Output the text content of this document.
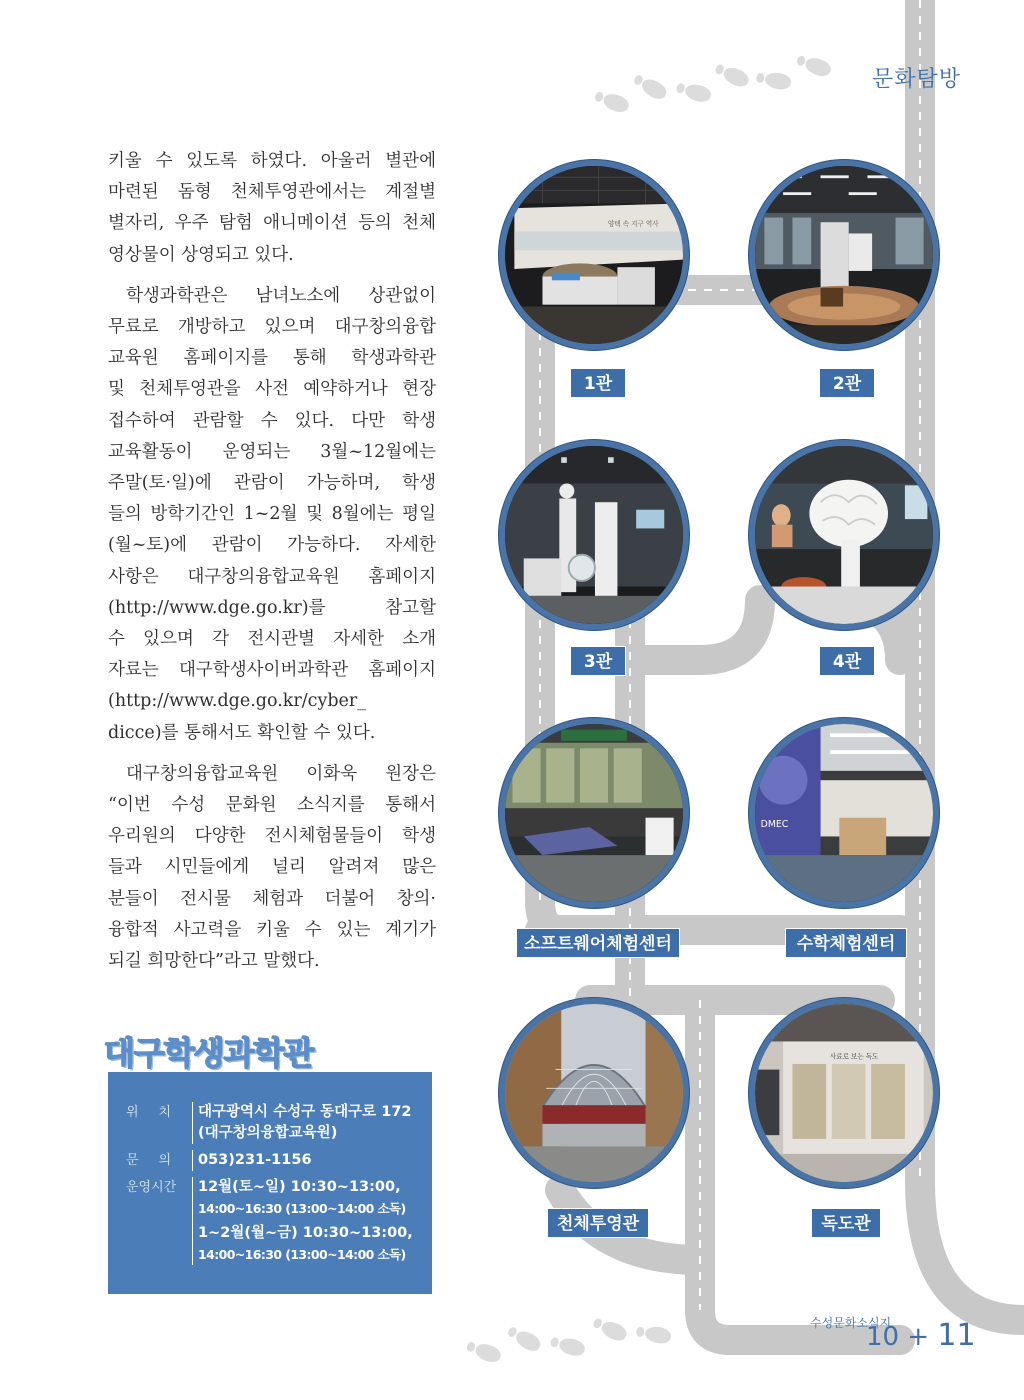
문화탐방

키울 수 있도록 하였다. 아울러 별관에
마련된 돔형 천체투영관에서는 계절별
별자리, 우주 탐험 애니메이션 등의 천체
영상물이 상영되고 있다.

학생과학관은 남녀노소에 상관없이
무료로 개방하고 있으며 대구창의융합
교육원 홈페이지를 통해 학생과학관
및 천체투영관을 사전 예약하거나 현장
접수하여 관람할 수 있다. 다만 학생
교육활동이 운영되는 3월~12월에는
주말(토·일)에 관람이 가능하며, 학생
들의 방학기간인 1~2월 및 8월에는 평일
(월~토)에 관람이 가능하다. 자세한
사항은 대구창의융합교육원 홈페이지
(http://www.dge.go.kr)를 참고할
수 있으며 각 전시관별 자세한 소개
자료는 대구학생사이버과학관 홈페이지
(http://www.dge.go.kr/cyber_
dicce)를 통해서도 확인할 수 있다.

대구창의융합교육원 이화욱 원장은
“이번 수성 문화원 소식지를 통해서
우리원의 다양한 전시체험물들이 학생
들과 시민들에게 널리 알려져 많은
분들이 전시물 체험과 더불어 창의·
융합적 사고력을 키울 수 있는 계기가
되길 희망한다”라고 말했다.

대구학생과학관
위치 대구광역시 수성구 동대구로 172
(대구창의융합교육원)
문의 053)231-1156
운영시간	12월(토~일) 10:30~13:00,
14:00~16:30 (13:00~14:00 소독)
1~2월(월~금) 10:30~13:00,
14:00~16:30 (13:00~14:00 소독)
양택 속 지구 역사
1관	2관
3관	4관
소프트웨어체험센터
DMEC
수학체험센터
천체투영관
사료로 보는 독도
독도관
수성문화소식지
10 + 11
